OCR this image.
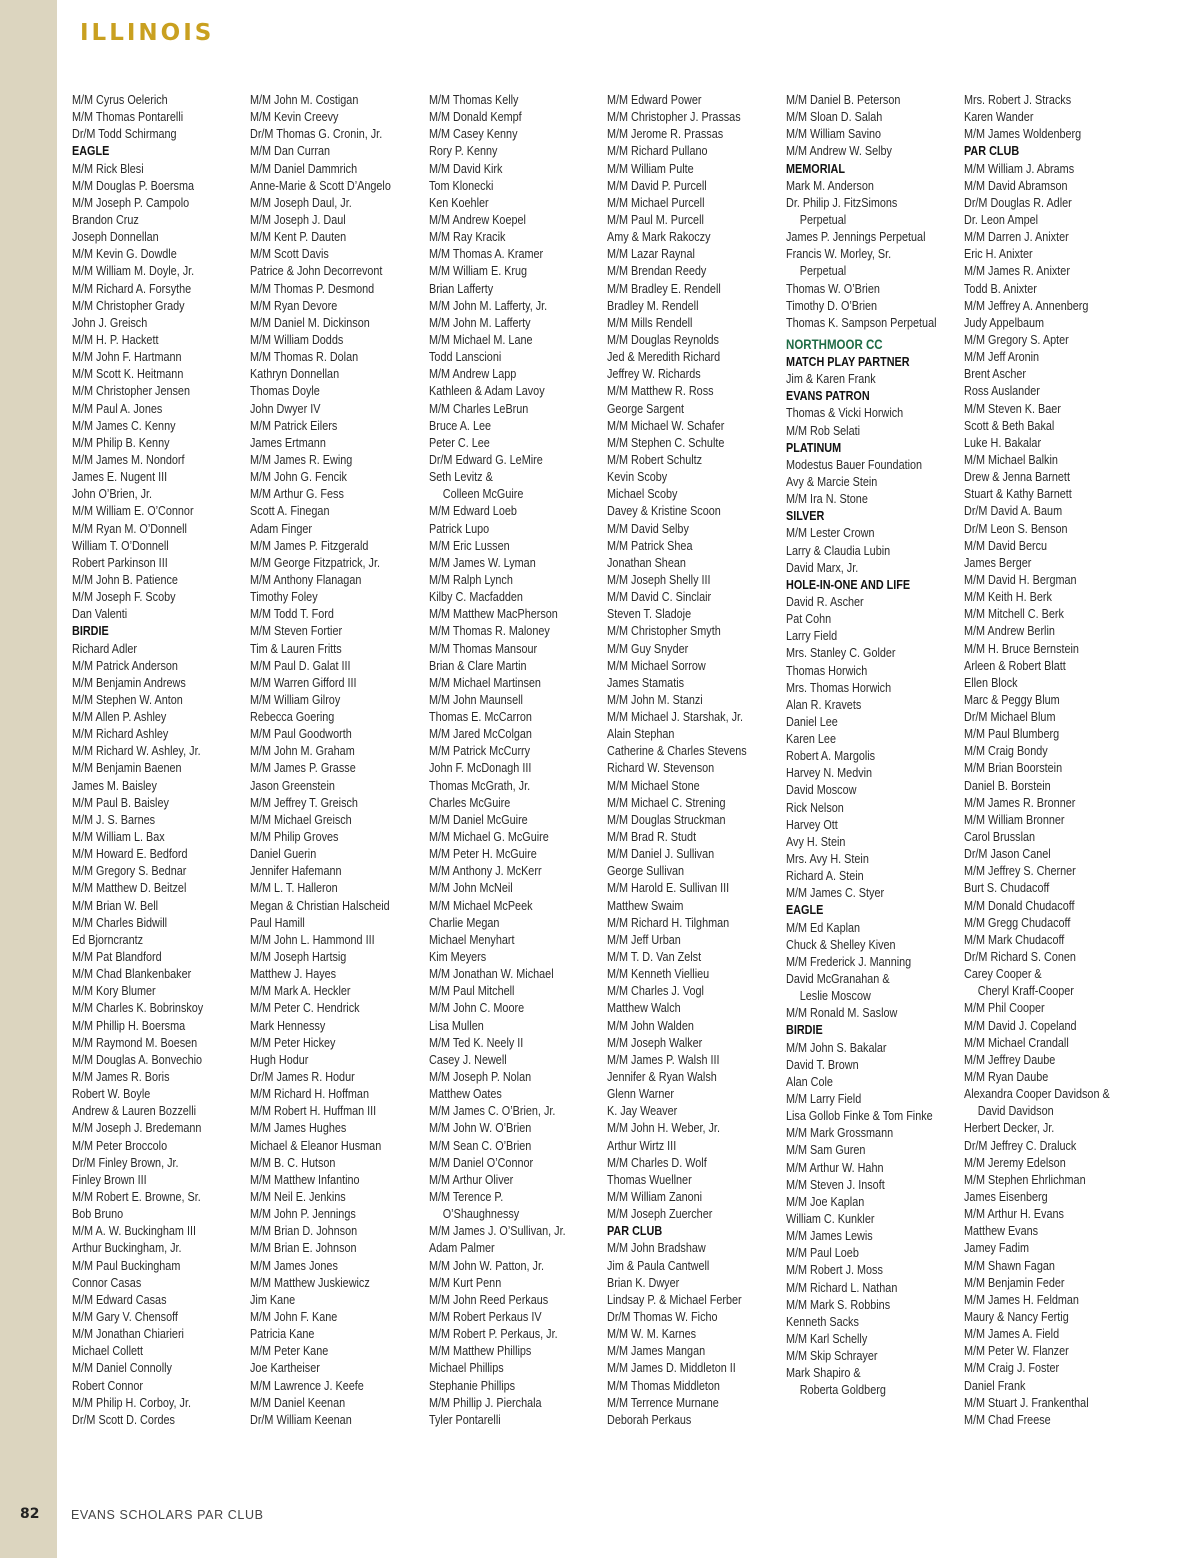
ILLINOIS
M/M Cyrus Oelerich
M/M Thomas Pontarelli
Dr/M Todd Schirmang
EAGLE
M/M Rick Blesi
M/M Douglas P. Boersma
M/M Joseph P. Campolo
Brandon Cruz
Joseph Donnellan
M/M Kevin G. Dowdle
M/M William M. Doyle, Jr.
M/M Richard A. Forsythe
M/M Christopher Grady
John J. Greisch
M/M H. P. Hackett
M/M John F. Hartmann
M/M Scott K. Heitmann
M/M Christopher Jensen
M/M Paul A. Jones
M/M James C. Kenny
M/M Philip B. Kenny
M/M James M. Nondorf
James E. Nugent III
John O’Brien, Jr.
M/M William E. O’Connor
M/M Ryan M. O’Donnell
William T. O’Donnell
Robert Parkinson III
M/M John B. Patience
M/M Joseph F. Scoby
Dan Valenti
BIRDIE
Richard Adler
M/M Patrick Anderson
M/M Benjamin Andrews
M/M Stephen W. Anton
M/M Allen P. Ashley
M/M Richard Ashley
M/M Richard W. Ashley, Jr.
M/M Benjamin Baenen
James M. Baisley
M/M Paul B. Baisley
M/M J. S. Barnes
M/M William L. Bax
M/M Howard E. Bedford
M/M Gregory S. Bednar
M/M Matthew D. Beitzel
M/M Brian W. Bell
M/M Charles Bidwill
Ed Bjorncrantz
M/M Pat Blandford
M/M Chad Blankenbaker
M/M Kory Blumer
M/M Charles K. Bobrinskoy
M/M Phillip H. Boersma
M/M Raymond M. Boesen
M/M Douglas A. Bonvechio
M/M James R. Boris
Robert W. Boyle
Andrew & Lauren Bozzelli
M/M Joseph J. Bredemann
M/M Peter Broccolo
Dr/M Finley Brown, Jr.
Finley Brown III
M/M Robert E. Browne, Sr.
Bob Bruno
M/M A. W. Buckingham III
Arthur Buckingham, Jr.
M/M Paul Buckingham
Connor Casas
M/M Edward Casas
M/M Gary V. Chensoff
M/M Jonathan Chiarieri
Michael Collett
M/M Daniel Connolly
Robert Connor
M/M Philip H. Corboy, Jr.
Dr/M Scott D. Cordes
M/M John M. Costigan
M/M Kevin Creevy
Dr/M Thomas G. Cronin, Jr.
M/M Dan Curran
M/M Daniel Dammrich
Anne-Marie & Scott D’Angelo
M/M Joseph Daul, Jr.
M/M Joseph J. Daul
M/M Kent P. Dauten
M/M Scott Davis
Patrice & John Decorrevont
M/M Thomas P. Desmond
M/M Ryan Devore
M/M Daniel M. Dickinson
M/M William Dodds
M/M Thomas R. Dolan
Kathryn Donnellan
Thomas Doyle
John Dwyer IV
M/M Patrick Eilers
James Ertmann
M/M James R. Ewing
M/M John G. Fencik
M/M Arthur G. Fess
Scott A. Finegan
Adam Finger
M/M James P. Fitzgerald
M/M George Fitzpatrick, Jr.
M/M Anthony Flanagan
Timothy Foley
M/M Todd T. Ford
M/M Steven Fortier
Tim & Lauren Fritts
M/M Paul D. Galat III
M/M Warren Gifford III
M/M William Gilroy
Rebecca Goering
M/M Paul Goodworth
M/M John M. Graham
M/M James P. Grasse
Jason Greenstein
M/M Jeffrey T. Greisch
M/M Michael Greisch
M/M Philip Groves
Daniel Guerin
Jennifer Hafemann
M/M L. T. Halleron
Megan & Christian Halscheid
Paul Hamill
M/M John L. Hammond III
M/M Joseph Hartsig
Matthew J. Hayes
M/M Mark A. Heckler
M/M Peter C. Hendrick
Mark Hennessy
M/M Peter Hickey
Hugh Hodur
Dr/M James R. Hodur
M/M Richard H. Hoffman
M/M Robert H. Huffman III
M/M James Hughes
Michael & Eleanor Husman
M/M B. C. Hutson
M/M Matthew Infantino
M/M Neil E. Jenkins
M/M John P. Jennings
M/M Brian D. Johnson
M/M Brian E. Johnson
M/M James Jones
M/M Matthew Juskiewicz
Jim Kane
M/M John F. Kane
Patricia Kane
M/M Peter Kane
Joe Kartheiser
M/M Lawrence J. Keefe
M/M Daniel Keenan
Dr/M William Keenan
M/M Thomas Kelly
M/M Donald Kempf
M/M Casey Kenny
Rory P. Kenny
M/M David Kirk
Tom Klonecki
Ken Koehler
M/M Andrew Koepel
M/M Ray Kracik
M/M Thomas A. Kramer
M/M William E. Krug
Brian Lafferty
M/M John M. Lafferty, Jr.
M/M John M. Lafferty
M/M Michael M. Lane
Todd Lanscioni
M/M Andrew Lapp
Kathleen & Adam Lavoy
M/M Charles LeBrun
Bruce A. Lee
Peter C. Lee
Dr/M Edward G. LeMire
Seth Levitz &
Colleen McGuire
M/M Edward Loeb
Patrick Lupo
M/M Eric Lussen
M/M James W. Lyman
M/M Ralph Lynch
Kilby C. Macfadden
M/M Matthew MacPherson
M/M Thomas R. Maloney
M/M Thomas Mansour
Brian & Clare Martin
M/M Michael Martinsen
M/M John Maunsell
Thomas E. McCarron
M/M Jared McColgan
M/M Patrick McCurry
John F. McDonagh III
Thomas McGrath, Jr.
Charles McGuire
M/M Daniel McGuire
M/M Michael G. McGuire
M/M Peter H. McGuire
M/M Anthony J. McKerr
M/M John McNeil
M/M Michael McPeek
Charlie Megan
Michael Menyhart
Kim Meyers
M/M Jonathan W. Michael
M/M Paul Mitchell
M/M John C. Moore
Lisa Mullen
M/M Ted K. Neely II
Casey J. Newell
M/M Joseph P. Nolan
Matthew Oates
M/M James C. O’Brien, Jr.
M/M John W. O’Brien
M/M Sean C. O’Brien
M/M Daniel O’Connor
M/M Arthur Oliver
M/M Terence P.
O’Shaughnessy
M/M James J. O’Sullivan, Jr.
Adam Palmer
M/M John W. Patton, Jr.
M/M Kurt Penn
M/M John Reed Perkaus
M/M Robert Perkaus IV
M/M Robert P. Perkaus, Jr.
M/M Matthew Phillips
Michael Phillips
Stephanie Phillips
M/M Phillip J. Pierchala
Tyler Pontarelli
M/M Edward Power
M/M Christopher J. Prassas
M/M Jerome R. Prassas
M/M Richard Pullano
M/M William Pulte
M/M David P. Purcell
M/M Michael Purcell
M/M Paul M. Purcell
Amy & Mark Rakoczy
M/M Lazar Raynal
M/M Brendan Reedy
M/M Bradley E. Rendell
Bradley M. Rendell
M/M Mills Rendell
M/M Douglas Reynolds
Jed & Meredith Richard
Jeffrey W. Richards
M/M Matthew R. Ross
George Sargent
M/M Michael W. Schafer
M/M Stephen C. Schulte
M/M Robert Schultz
Kevin Scoby
Michael Scoby
Davey & Kristine Scoon
M/M David Selby
M/M Patrick Shea
Jonathan Shean
M/M Joseph Shelly III
M/M David C. Sinclair
Steven T. Sladoje
M/M Christopher Smyth
M/M Guy Snyder
M/M Michael Sorrow
James Stamatis
M/M John M. Stanzi
M/M Michael J. Starshak, Jr.
Alain Stephan
Catherine & Charles Stevens
Richard W. Stevenson
M/M Michael Stone
M/M Michael C. Strening
M/M Douglas Struckman
M/M Brad R. Studt
M/M Daniel J. Sullivan
George Sullivan
M/M Harold E. Sullivan III
Matthew Swaim
M/M Richard H. Tilghman
M/M Jeff Urban
M/M T. D. Van Zelst
M/M Kenneth Viellieu
M/M Charles J. Vogl
Matthew Walch
M/M John Walden
M/M Joseph Walker
M/M James P. Walsh III
Jennifer & Ryan Walsh
Glenn Warner
K. Jay Weaver
M/M John H. Weber, Jr.
Arthur Wirtz III
M/M Charles D. Wolf
Thomas Wuellner
M/M William Zanoni
M/M Joseph Zuercher
PAR CLUB
M/M John Bradshaw
Jim & Paula Cantwell
Brian K. Dwyer
Lindsay P. & Michael Ferber
Dr/M Thomas W. Ficho
M/M W. M. Karnes
M/M James Mangan
M/M James D. Middleton II
M/M Thomas Middleton
M/M Terrence Murnane
Deborah Perkaus
M/M Daniel B. Peterson
M/M Sloan D. Salah
M/M William Savino
M/M Andrew W. Selby
MEMORIAL
Mark M. Anderson
Dr. Philip J. FitzSimons
Perpetual
James P. Jennings Perpetual
Francis W. Morley, Sr.
Perpetual
Thomas W. O’Brien
Timothy D. O’Brien
Thomas K. Sampson Perpetual
NORTHMOOR CC
MATCH PLAY PARTNER
Jim & Karen Frank
EVANS PATRON
Thomas & Vicki Horwich
M/M Rob Selati
PLATINUM
Modestus Bauer Foundation
Avy & Marcie Stein
M/M Ira N. Stone
SILVER
M/M Lester Crown
Larry & Claudia Lubin
David Marx, Jr.
HOLE-IN-ONE AND LIFE
David R. Ascher
Pat Cohn
Larry Field
Mrs. Stanley C. Golder
Thomas Horwich
Mrs. Thomas Horwich
Alan R. Kravets
Daniel Lee
Karen Lee
Robert A. Margolis
Harvey N. Medvin
David Moscow
Rick Nelson
Harvey Ott
Avy H. Stein
Mrs. Avy H. Stein
Richard A. Stein
M/M James C. Styer
EAGLE
M/M Ed Kaplan
Chuck & Shelley Kiven
M/M Frederick J. Manning
David McGranahan &
Leslie Moscow
M/M Ronald M. Saslow
BIRDIE
M/M John S. Bakalar
David T. Brown
Alan Cole
M/M Larry Field
Lisa Gollob Finke & Tom Finke
M/M Mark Grossmann
M/M Sam Guren
M/M Arthur W. Hahn
M/M Steven J. Insoft
M/M Joe Kaplan
William C. Kunkler
M/M James Lewis
M/M Paul Loeb
M/M Robert J. Moss
M/M Richard L. Nathan
M/M Mark S. Robbins
Kenneth Sacks
M/M Karl Schelly
M/M Skip Schrayer
Mark Shapiro &
Roberta Goldberg
Mrs. Robert J. Stracks
Karen Wander
M/M James Woldenberg
PAR CLUB
M/M William J. Abrams
M/M David Abramson
Dr/M Douglas R. Adler
Dr. Leon Ampel
M/M Darren J. Anixter
Eric H. Anixter
M/M James R. Anixter
Todd B. Anixter
M/M Jeffrey A. Annenberg
Judy Appelbaum
M/M Gregory S. Apter
M/M Jeff Aronin
Brent Ascher
Ross Auslander
M/M Steven K. Baer
Scott & Beth Bakal
Luke H. Bakalar
M/M Michael Balkin
Drew & Jenna Barnett
Stuart & Kathy Barnett
Dr/M David A. Baum
Dr/M Leon S. Benson
M/M David Bercu
James Berger
M/M David H. Bergman
M/M Keith H. Berk
M/M Mitchell C. Berk
M/M Andrew Berlin
M/M H. Bruce Bernstein
Arleen & Robert Blatt
Ellen Block
Marc & Peggy Blum
Dr/M Michael Blum
M/M Paul Blumberg
M/M Craig Bondy
M/M Brian Boorstein
Daniel B. Borstein
M/M James R. Bronner
M/M William Bronner
Carol Brusslan
Dr/M Jason Canel
M/M Jeffrey S. Cherner
Burt S. Chudacoff
M/M Donald Chudacoff
M/M Gregg Chudacoff
M/M Mark Chudacoff
Dr/M Richard S. Conen
Carey Cooper &
Cheryl Kraff-Cooper
M/M Phil Cooper
M/M David J. Copeland
M/M Michael Crandall
M/M Jeffrey Daube
M/M Ryan Daube
Alexandra Cooper Davidson &
David Davidson
Herbert Decker, Jr.
Dr/M Jeffrey C. Draluck
M/M Jeremy Edelson
M/M Stephen Ehrlichman
James Eisenberg
M/M Arthur H. Evans
Matthew Evans
Jamey Fadim
M/M Shawn Fagan
M/M Benjamin Feder
M/M James H. Feldman
Maury & Nancy Fertig
M/M James A. Field
M/M Peter W. Flanzer
M/M Craig J. Foster
Daniel Frank
M/M Stuart J. Frankenthal
M/M Chad Freese
82	EVANS SCHOLARS PAR CLUB
